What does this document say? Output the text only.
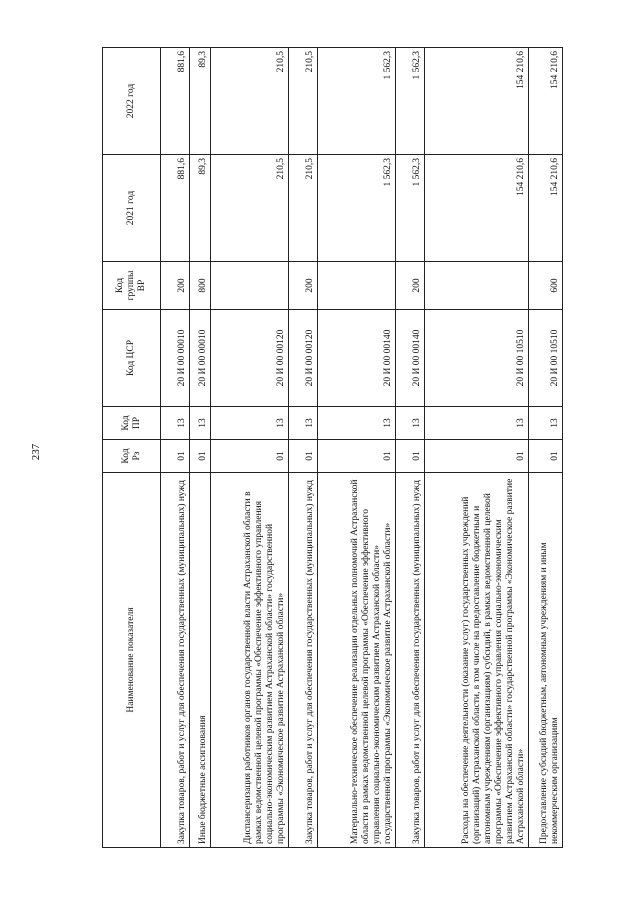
237
Наименование показателя	Код Рз	Код ПР	Код ЦСР	Код группы ВР	2021 год	2022 год
Закупка товаров, работ и услуг для обеспечения государственных (муниципальных) нужд	01	13	20 И 00 00010	200	881,6	881,6
Иные бюджетные ассигнования	01	13	20 И 00 00010	800	89,3	89,3
Диспансеризация работников органов государственной власти Астраханской области в рамках ведомственной целевой программы «Обеспечение эффективного управления социально-экономическим развитием Астраханской области» государственной программы «Экономическое развитие Астраханской области»	01	13	20 И 00 00120		210,5	210,5
Закупка товаров, работ и услуг для обеспечения государственных (муниципальных) нужд	01	13	20 И 00 00120	200	210,5	210,5
Материально-техническое обеспечение реализации отдельных полномочий Астраханской области в рамках ведомственной целевой программы «Обеспечение эффективного управления социально-экономическим развитием Астраханской области» государственной программы «Экономическое развитие Астраханской области»	01	13	20 И 00 00140		1 562,3	1 562,3
Закупка товаров, работ и услуг для обеспечения государственных (муниципальных) нужд	01	13	20 И 00 00140	200	1 562,3	1 562,3
Расходы на обеспечение деятельности (оказание услуг) государственных учреждений (организаций) Астраханской области, в том числе на предоставление бюджетным и автономным учреждениям (организациям) субсидий, в рамках ведомственной целевой программы «Обеспечение эффективного управления социально-экономическим развитием Астраханской области» государственной программы «Экономическое развитие Астраханской области»	01	13	20 И 00 10510		154 210,6	154 210,6
Предоставление субсидий бюджетным, автономным учреждениям и иным некоммерческим организациям	01	13	20 И 00 10510	600	154 210,6	154 210,6
